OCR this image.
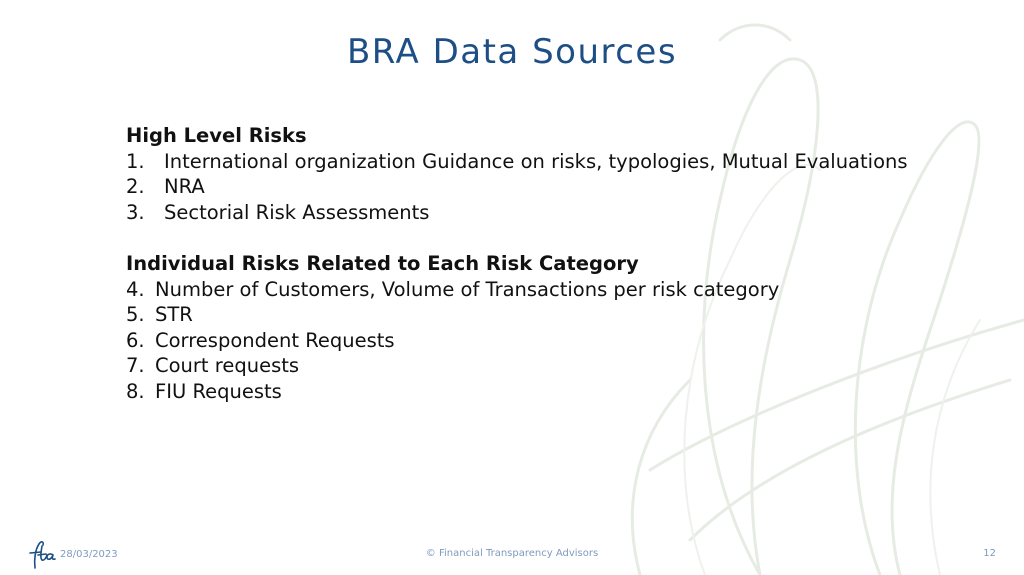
BRA Data Sources
High Level Risks
1. International organization Guidance on risks, typologies, Mutual Evaluations
2. NRA
3. Sectorial Risk Assessments
Individual Risks Related to Each Risk Category
4. Number of Customers, Volume of Transactions per risk category
5. STR
6. Correspondent Requests
7. Court requests
8. FIU Requests
28/03/2023	© Financial Transparency Advisors	12
